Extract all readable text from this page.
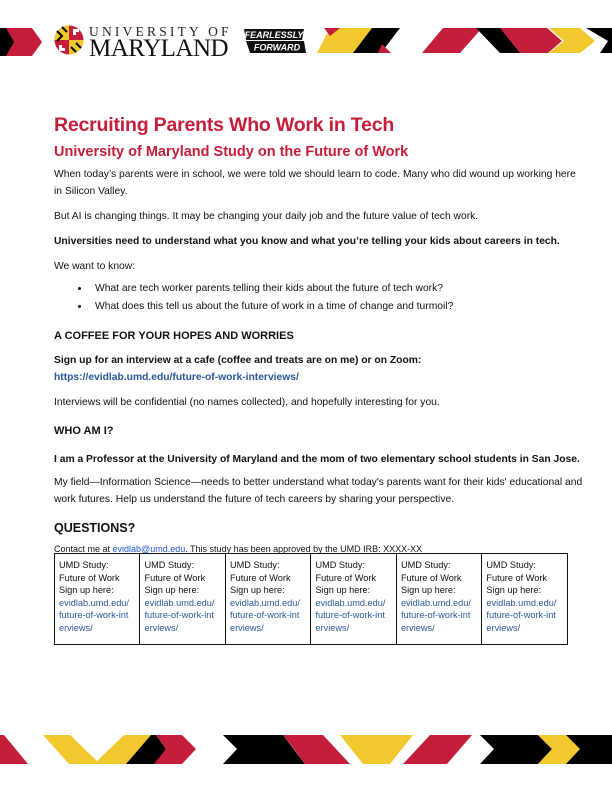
UNIVERSITY OF
MARYLAND	FEARLESSLY
FORWARD
Recruiting Parents Who Work in Tech
University of Maryland Study on the Future of Work

When today’s parents were in school, we were told we should learn to code. Many who did wound up working here in Silicon Valley.

But AI is changing things. It may be changing your daily job and the future value of tech work.

Universities need to understand what you know and what you’re telling your kids about careers in tech.

We want to know:

• What are tech worker parents telling their kids about the future of tech work?
• What does this tell us about the future of work in a time of change and turmoil?
A COFFEE FOR YOUR HOPES AND WORRIES

Sign up for an interview at a cafe (coffee and treats are on me) or on Zoom:

https://evidlab.umd.edu/future-of-work-interviews/

Interviews will be confidential (no names collected), and hopefully interesting for you.

WHO AM I?

I am a Professor at the University of Maryland and the mom of two elementary school students in San Jose.

My field—Information Science—needs to better understand what today's parents want for their kids' educational and work futures. Help us understand the future of tech careers by sharing your perspective.

QUESTIONS?

Contact me at evidlab@umd.edu. This study has been approved by the UMD IRB: XXXX-XX

UMD Study:
Future of Work
Sign up here:
evidlab.umd.edu/
future-of-work-int
erviews/

UMD Study:
Future of Work
Sign up here:
evidlab.umd.edu/
future-of-work-int
erviews/

UMD Study:
Future of Work
Sign up here:
evidlab.umd.edu/
future-of-work-int
erviews/

UMD Study:
Future of Work
Sign up here:
evidlab.umd.edu/
future-of-work-int
erviews/

UMD Study:
Future of Work
Sign up here:
evidlab.umd.edu/
future-of-work-int
erviews/

UMD Study:
Future of Work
Sign up here:
evidlab.umd.edu/
future-of-work-int
erviews/
